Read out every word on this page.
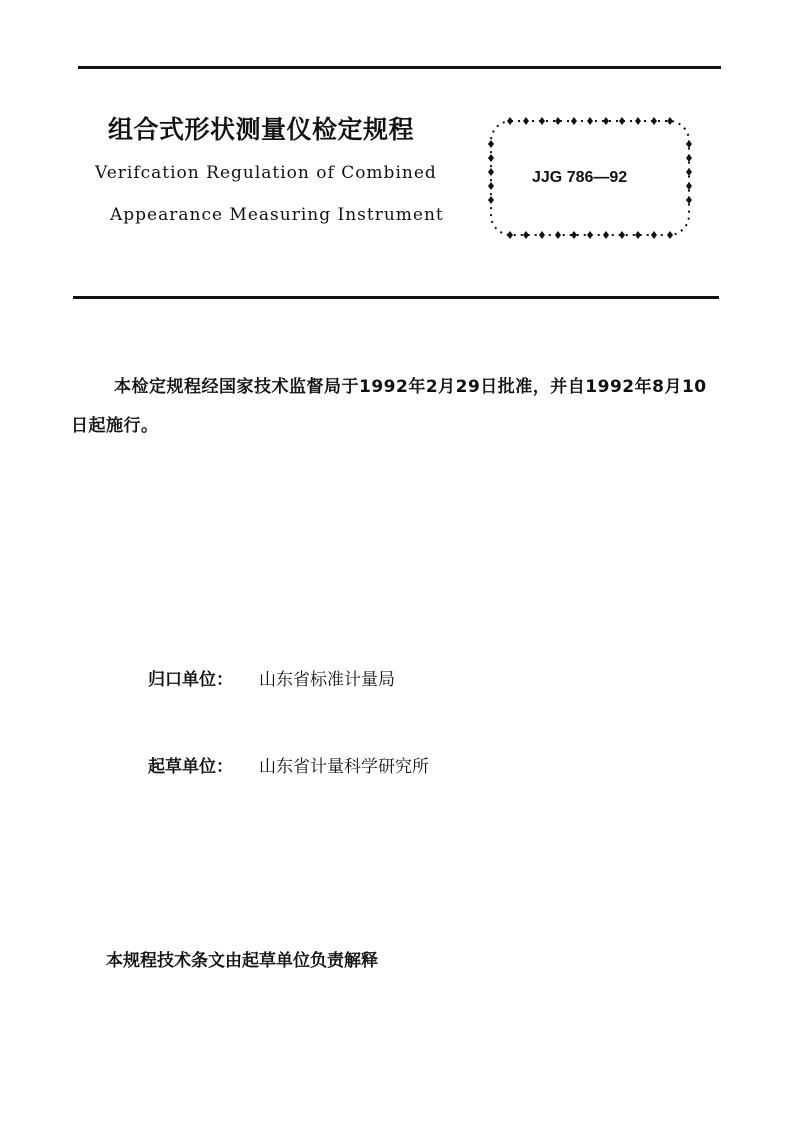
组合式形状测量仪检定规程
Verifcation Regulation of Combined
Appearance Measuring Instrument
JJG 786—92
本检定规程经国家技术监督局于1992年2月29日批准，并自1992年8月10日起施行。
归口单位： 山东省标准计量局
起草单位： 山东省计量科学研究所
本规程技术条文由起草单位负责解释
